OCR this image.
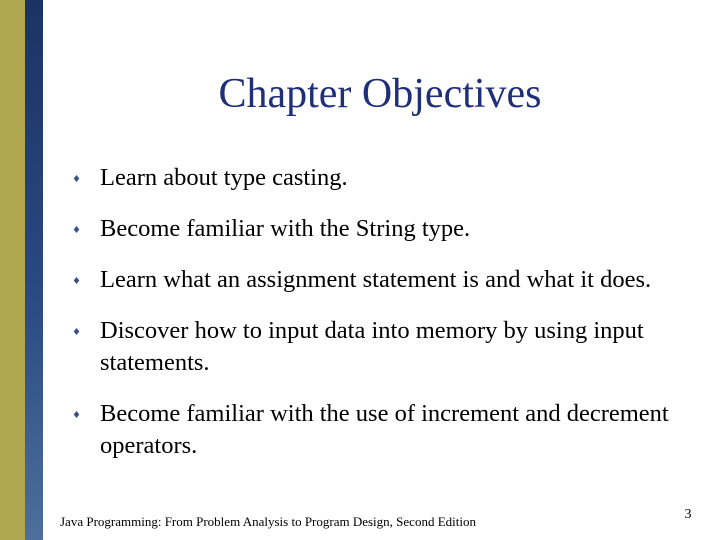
Chapter Objectives
Learn about type casting.
Become familiar with the String type.
Learn what an assignment statement is and what it does.
Discover how to input data into memory by using input statements.
Become familiar with the use of increment and decrement operators.
Java Programming: From Problem Analysis to Program Design, Second Edition	3
